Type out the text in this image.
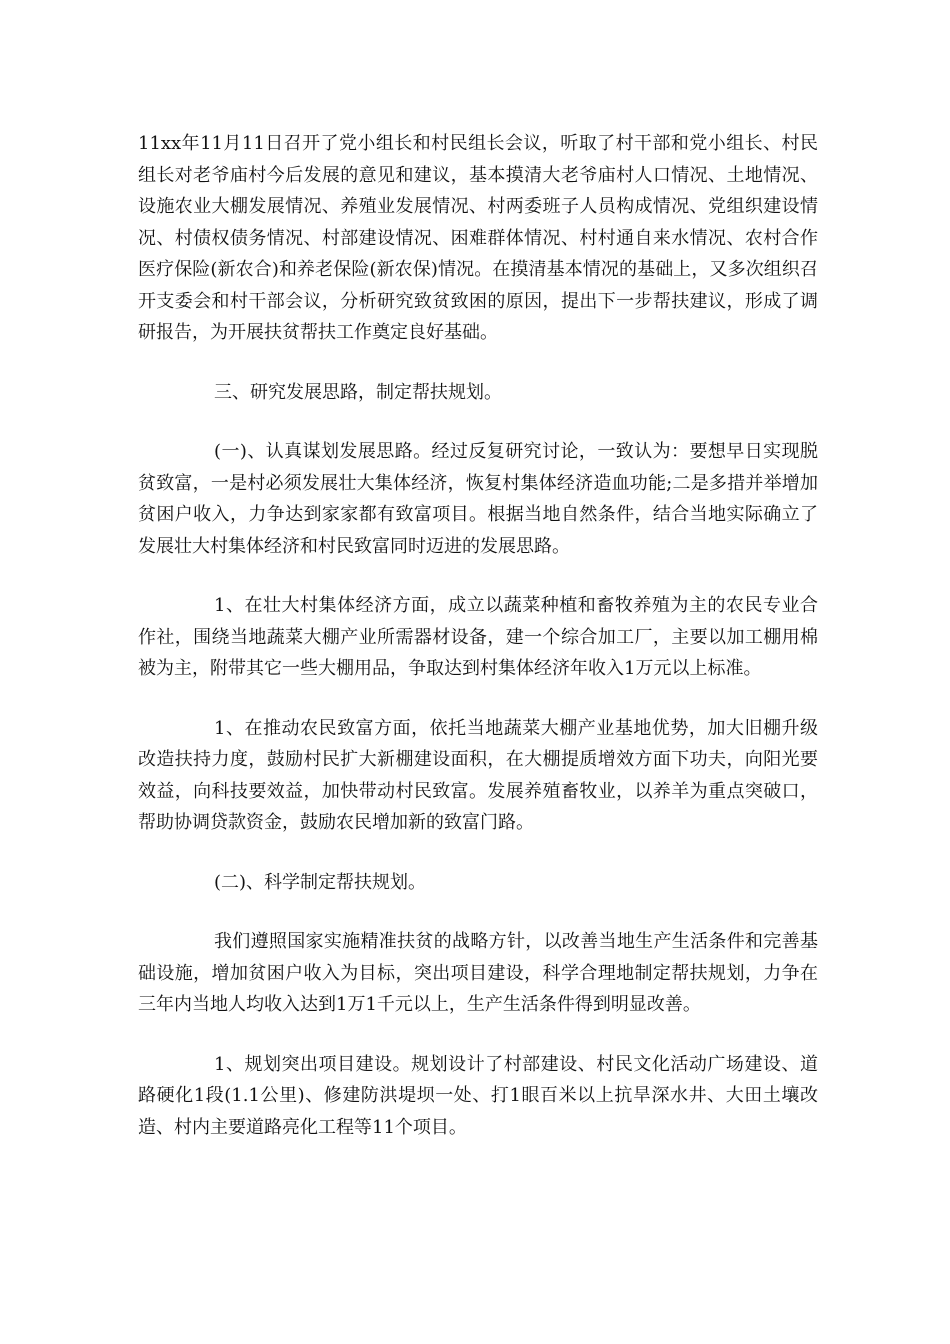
11xx年11月11日召开了党小组长和村民组长会议，听取了村干部和党小组长、村民组长对老爷庙村今后发展的意见和建议，基本摸清大老爷庙村人口情况、土地情况、设施农业大棚发展情况、养殖业发展情况、村两委班子人员构成情况、党组织建设情况、村债权债务情况、村部建设情况、困难群体情况、村村通自来水情况、农村合作医疗保险(新农合)和养老保险(新农保)情况。在摸清基本情况的基础上，又多次组织召开支委会和村干部会议，分析研究致贫致困的原因，提出下一步帮扶建议，形成了调研报告，为开展扶贫帮扶工作奠定良好基础。

三、研究发展思路，制定帮扶规划。

(一)、认真谋划发展思路。经过反复研究讨论，一致认为：要想早日实现脱贫致富，一是村必须发展壮大集体经济，恢复村集体经济造血功能;二是多措并举增加贫困户收入，力争达到家家都有致富项目。根据当地自然条件，结合当地实际确立了发展壮大村集体经济和村民致富同时迈进的发展思路。

1、在壮大村集体经济方面，成立以蔬菜种植和畜牧养殖为主的农民专业合作社，围绕当地蔬菜大棚产业所需器材设备，建一个综合加工厂，主要以加工棚用棉被为主，附带其它一些大棚用品，争取达到村集体经济年收入1万元以上标准。

1、在推动农民致富方面，依托当地蔬菜大棚产业基地优势，加大旧棚升级改造扶持力度，鼓励村民扩大新棚建设面积，在大棚提质增效方面下功夫，向阳光要效益，向科技要效益，加快带动村民致富。发展养殖畜牧业，以养羊为重点突破口，帮助协调贷款资金，鼓励农民增加新的致富门路。

(二)、科学制定帮扶规划。

我们遵照国家实施精准扶贫的战略方针，以改善当地生产生活条件和完善基础设施，增加贫困户收入为目标，突出项目建设，科学合理地制定帮扶规划，力争在三年内当地人均收入达到1万1千元以上，生产生活条件得到明显改善。

1、规划突出项目建设。规划设计了村部建设、村民文化活动广场建设、道路硬化1段(1.1公里)、修建防洪堤坝一处、打1眼百米以上抗旱深水井、大田土壤改造、村内主要道路亮化工程等11个项目。
